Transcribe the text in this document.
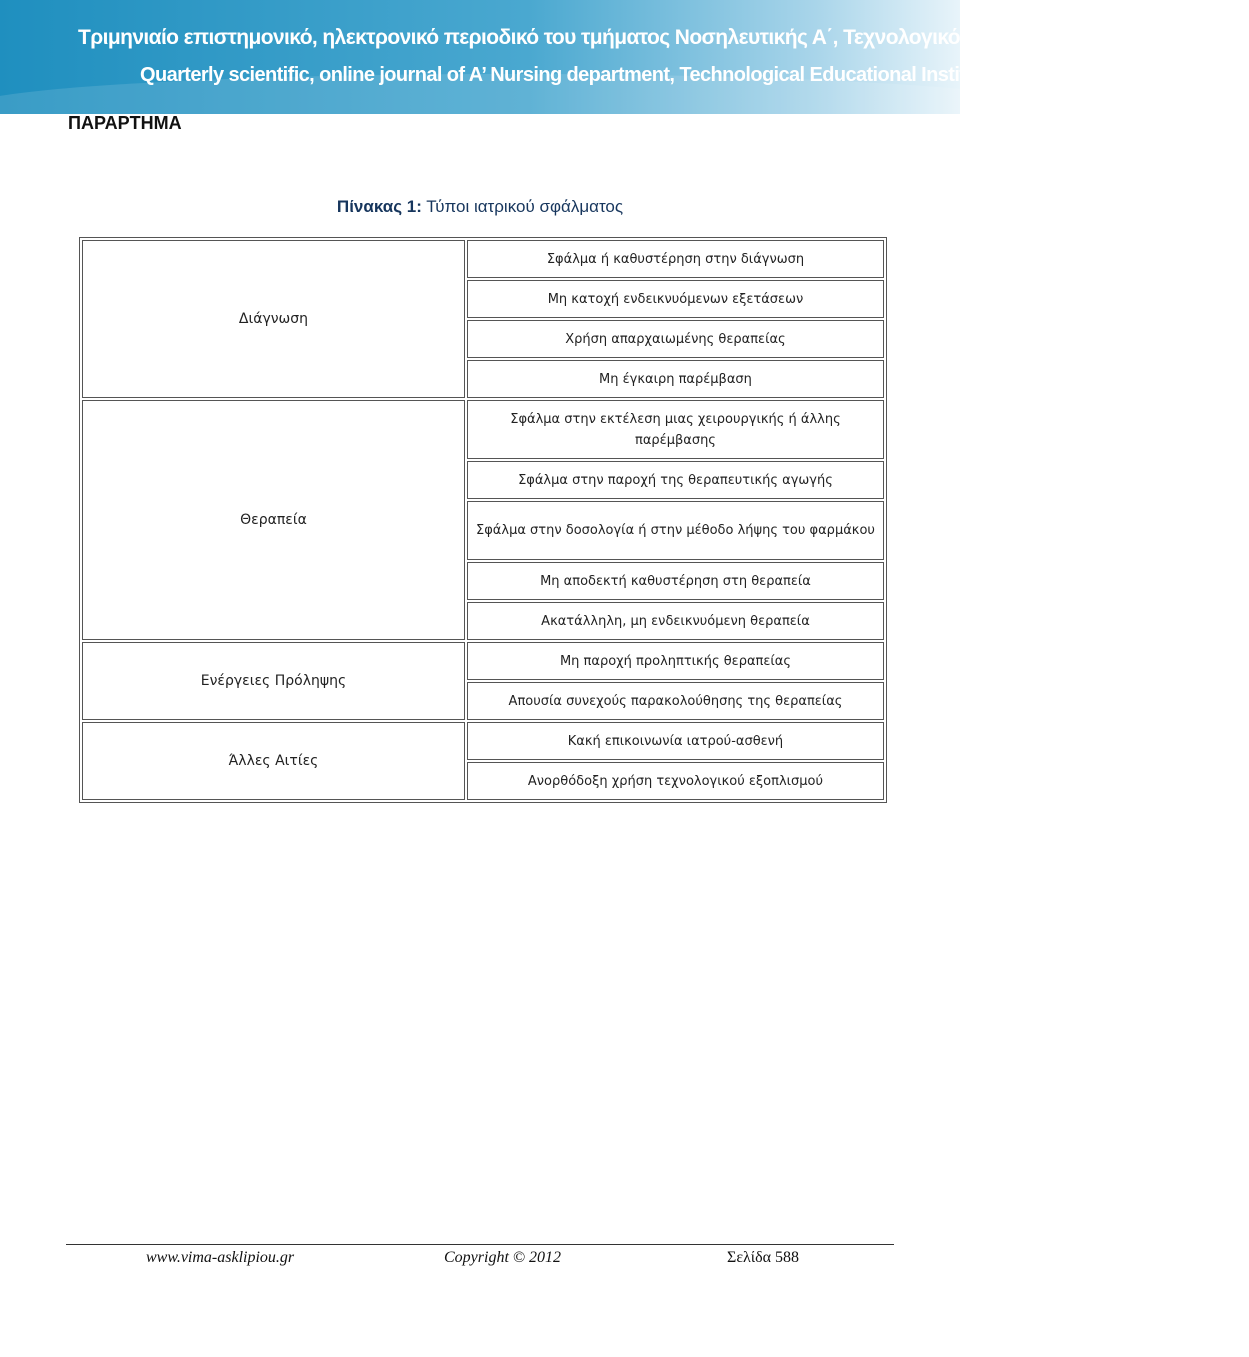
Τριμηνιαίο επιστημονικό, ηλεκτρονικό περιοδικό του τμήματος Νοσηλευτικής Α΄, Τεχνολογικό Εκπαιδευτικό Ίδρυμα Αθηνών
Quarterly scientific, online journal of A’ Nursing department, Technological Educational Institute of Athens
ΠΑΡΑΡΤΗΜΑ
Πίνακας 1: Τύποι ιατρικού σφάλματος
Διάγνωση	Σφάλμα ή καθυστέρηση στην διάγνωση
	Μη κατοχή ενδεικνυόμενων εξετάσεων
	Χρήση απαρχαιωμένης θεραπείας
	Μη έγκαιρη παρέμβαση
Θεραπεία	Σφάλμα στην εκτέλεση μιας χειρουργικής ή άλλης παρέμβασης
	Σφάλμα στην παροχή της θεραπευτικής αγωγής
	Σφάλμα στην δοσολογία ή στην μέθοδο λήψης του φαρμάκου
	Μη αποδεκτή καθυστέρηση στη θεραπεία
	Ακατάλληλη, μη ενδεικνυόμενη θεραπεία
Ενέργειες Πρόληψης	Μη παροχή προληπτικής θεραπείας
	Απουσία συνεχούς παρακολούθησης της θεραπείας
Άλλες Αιτίες	Κακή επικοινωνία ιατρού-ασθενή
	Ανορθόδοξη χρήση τεχνολογικού εξοπλισμού
www.vima-asklipiou.gr	Copyright © 2012	Σελίδα 588
